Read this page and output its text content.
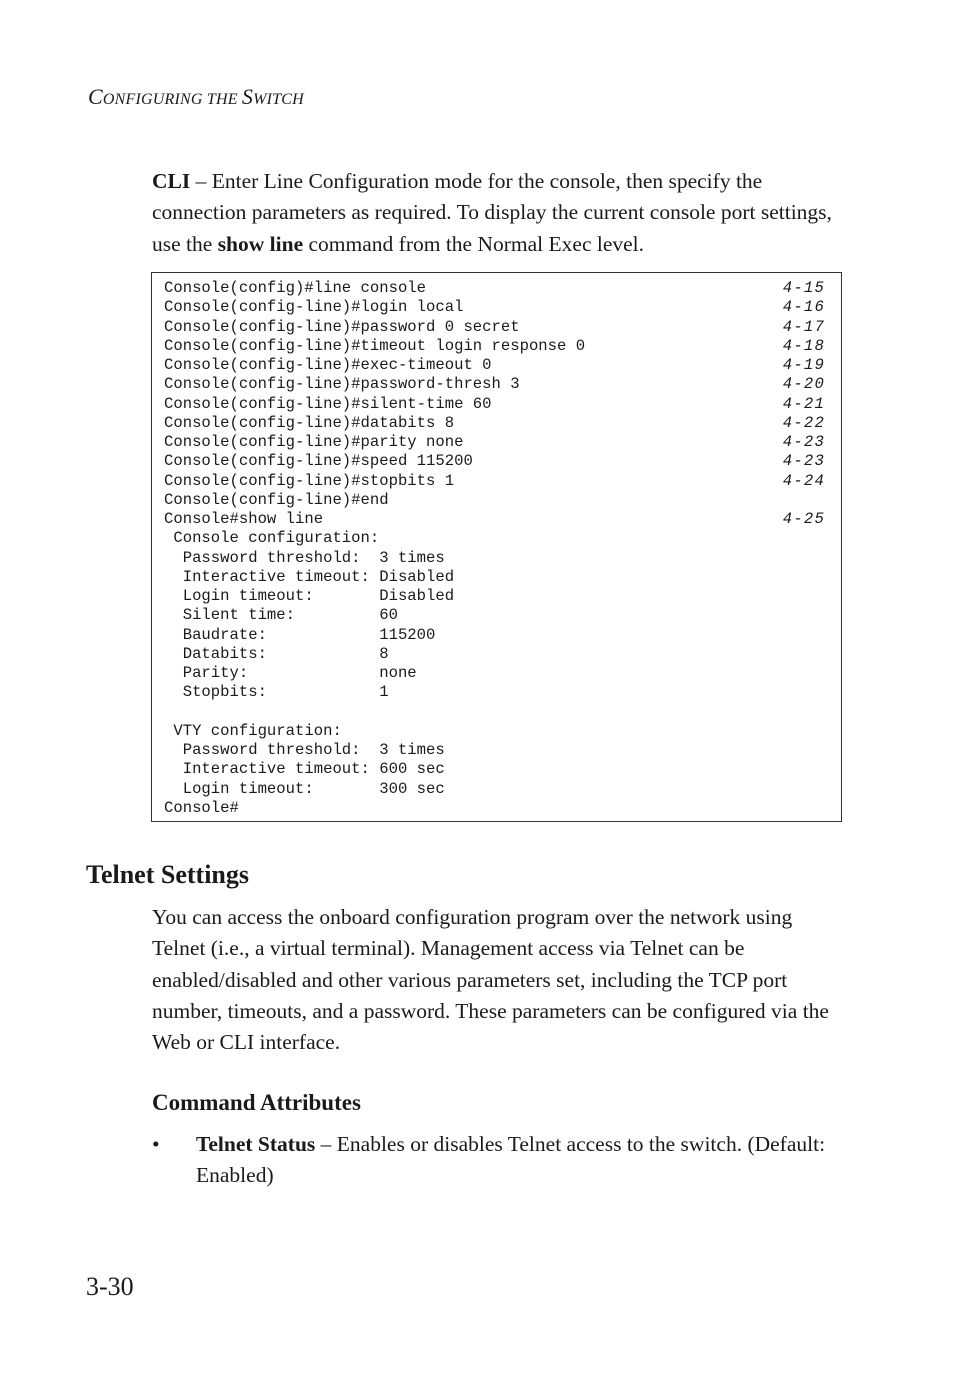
CONFIGURING THE SWITCH

CLI – Enter Line Configuration mode for the console, then specify the connection parameters as required. To display the current console port settings, use the show line command from the Normal Exec level.

Console(config)#line console	4-15
Console(config-line)#login local	4-16
Console(config-line)#password 0 secret	4-17
Console(config-line)#timeout login response 0	4-18
Console(config-line)#exec-timeout 0	4-19
Console(config-line)#password-thresh 3	4-20
Console(config-line)#silent-time 60	4-21
Console(config-line)#databits 8	4-22
Console(config-line)#parity none	4-23
Console(config-line)#speed 115200	4-23
Console(config-line)#stopbits 1	4-24
Console(config-line)#end
Console#show line	4-25
Console configuration:
Password threshold:  3 times
Interactive timeout: Disabled
Login timeout:       Disabled
Silent time:         60
Baudrate:            115200
Databits:            8
Parity:              none
Stopbits:            1
VTY configuration:
Password threshold:  3 times
Interactive timeout: 600 sec
Login timeout:       300 sec
Console#
Telnet Settings

You can access the onboard configuration program over the network using Telnet (i.e., a virtual terminal). Management access via Telnet can be enabled/disabled and other various parameters set, including the TCP port number, timeouts, and a password. These parameters can be configured via the Web or CLI interface.

Command Attributes
• Telnet Status – Enables or disables Telnet access to the switch. (Default: Enabled)
3-30
